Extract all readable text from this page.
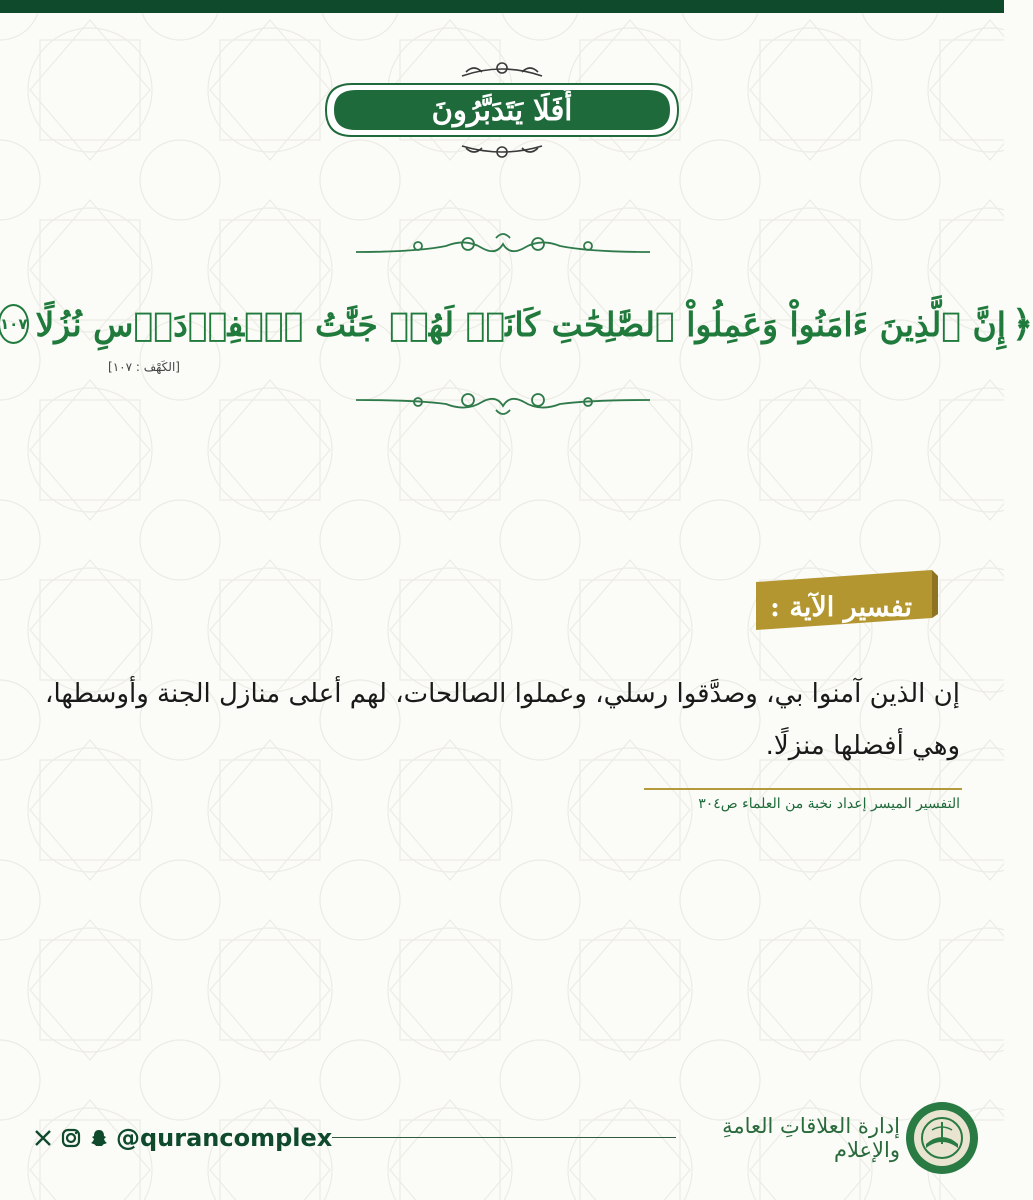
أَفَلَا يَتَدَبَّرُونَ
﴿
إِنَّ ٱلَّذِينَ ءَامَنُواْ وَعَمِلُواْ ٱلصَّٰلِحَٰتِ كَانَتۡ لَهُمۡ جَنَّٰتُ ٱلۡفِرۡدَوۡسِ نُزُلًا
١٠٧
[الكَهْف : ١٠٧]
تفسير الآية :
إن الذين آمنوا بي، وصدَّقوا رسلي، وعملوا الصالحات، لهم أعلى منازل الجنة وأوسطها، وهي أفضلها منزلًا.
التفسير الميسر إعداد نخبة من العلماء ص٣٠٤
@qurancomplex	إدارة العلاقاتِ العامةِ والإعلام
